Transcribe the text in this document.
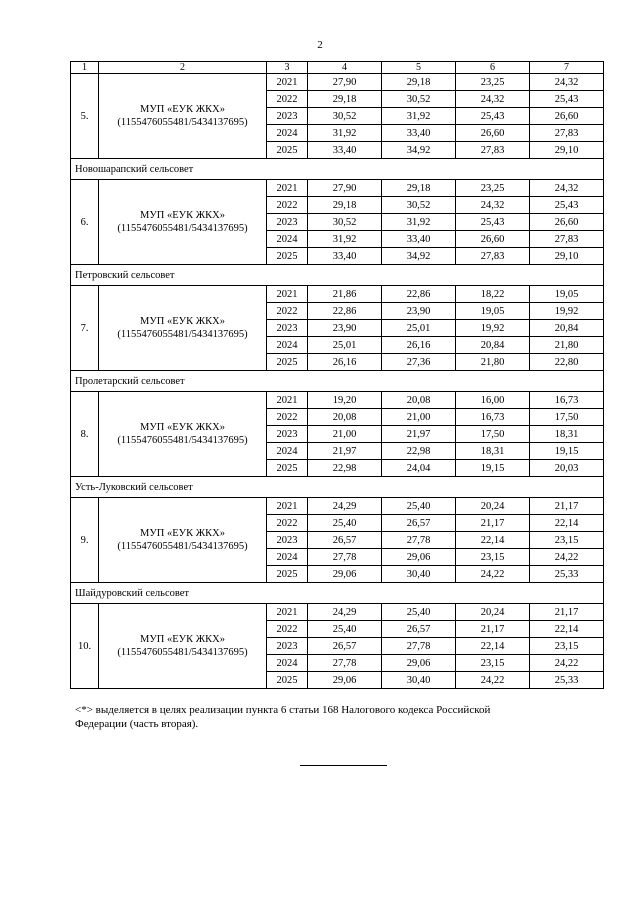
2
1	2	3	4	5	6	7
5.	МУП «ЕУК ЖКХ»
(1155476055481/5434137695)	2021	27,90	29,18	23,25	24,32
		2022	29,18	30,52	24,32	25,43
		2023	30,52	31,92	25,43	26,60
		2024	31,92	33,40	26,60	27,83
		2025	33,40	34,92	27,83	29,10
Новошарапский сельсовет						
6.	МУП «ЕУК ЖКХ»
(1155476055481/5434137695)	2021	27,90	29,18	23,25	24,32
		2022	29,18	30,52	24,32	25,43
		2023	30,52	31,92	25,43	26,60
		2024	31,92	33,40	26,60	27,83
		2025	33,40	34,92	27,83	29,10
Петровский сельсовет						
7.	МУП «ЕУК ЖКХ»
(1155476055481/5434137695)	2021	21,86	22,86	18,22	19,05
		2022	22,86	23,90	19,05	19,92
		2023	23,90	25,01	19,92	20,84
		2024	25,01	26,16	20,84	21,80
		2025	26,16	27,36	21,80	22,80
Пролетарский сельсовет						
8.	МУП «ЕУК ЖКХ»
(1155476055481/5434137695)	2021	19,20	20,08	16,00	16,73
		2022	20,08	21,00	16,73	17,50
		2023	21,00	21,97	17,50	18,31
		2024	21,97	22,98	18,31	19,15
		2025	22,98	24,04	19,15	20,03
Усть-Луковский сельсовет						
9.	МУП «ЕУК ЖКХ»
(1155476055481/5434137695)	2021	24,29	25,40	20,24	21,17
		2022	25,40	26,57	21,17	22,14
		2023	26,57	27,78	22,14	23,15
		2024	27,78	29,06	23,15	24,22
		2025	29,06	30,40	24,22	25,33
Шайдуровский сельсовет						
10.	МУП «ЕУК ЖКХ»
(1155476055481/5434137695)	2021	24,29	25,40	20,24	21,17
		2022	25,40	26,57	21,17	22,14
		2023	26,57	27,78	22,14	23,15
		2024	27,78	29,06	23,15	24,22
		2025	29,06	30,40	24,22	25,33
<*> выделяется в целях реализации пункта 6 статьи 168 Налогового кодекса Российской
Федерации (часть вторая).
